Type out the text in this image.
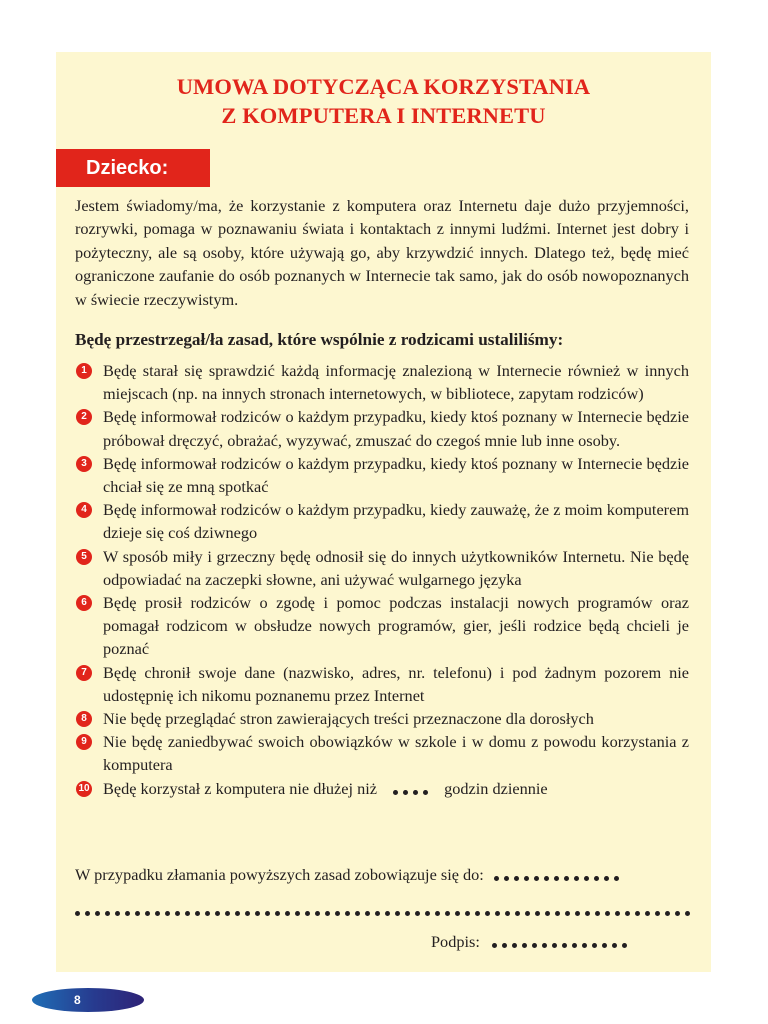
UMOWA DOTYCZĄCA KORZYSTANIA
Z KOMPUTERA I INTERNETU
Dziecko:

Jestem świadomy/ma, że korzystanie z komputera oraz Internetu daje dużo przyjemności, rozrywki, pomaga w poznawaniu świata i kontaktach z innymi ludźmi. Internet jest dobry i pożyteczny, ale są osoby, które używają go, aby krzywdzić innych. Dlatego też, będę mieć ograniczone zaufanie do osób poznanych w Internecie tak samo, jak do osób nowopoznanych w świecie rzeczywistym.

Będę przestrzegał/ła zasad, które wspólnie z rodzicami ustaliliśmy:
1 Będę starał się sprawdzić każdą informację znalezioną w Internecie również w innych miejscach (np. na innych stronach internetowych, w bibliotece, zapytam rodziców)
2 Będę informował rodziców o każdym przypadku, kiedy ktoś poznany w Internecie będzie próbował dręczyć, obrażać, wyzywać, zmuszać do czegoś mnie lub inne osoby.
3 Będę informował rodziców o każdym przypadku, kiedy ktoś poznany w Internecie będzie chciał się ze mną spotkać
4 Będę informował rodziców o każdym przypadku, kiedy zauważę, że z moim komputerem dzieje się coś dziwnego
5 W sposób miły i grzeczny będę odnosił się do innych użytkowników Internetu. Nie będę odpowiadać na zaczepki słowne, ani używać wulgarnego języka
6 Będę prosił rodziców o zgodę i pomoc podczas instalacji nowych programów oraz pomagał rodzicom w obsłudze nowych programów, gier, jeśli rodzice będą chcieli je poznać
7 Będę chronił swoje dane (nazwisko, adres, nr. telefonu) i pod żadnym pozorem nie udostępnię ich nikomu poznanemu przez Internet
8 Nie będę przeglądać stron zawierających treści przeznaczone dla dorosłych
9 Nie będę zaniedbywać swoich obowiązków w szkole i w domu z powodu korzystania z komputera
10 Będę korzystał z komputera nie dłużej niż	godzin dziennie

W przypadku złamania powyższych zasad zobowiązuje się do:

Podpis:

8
